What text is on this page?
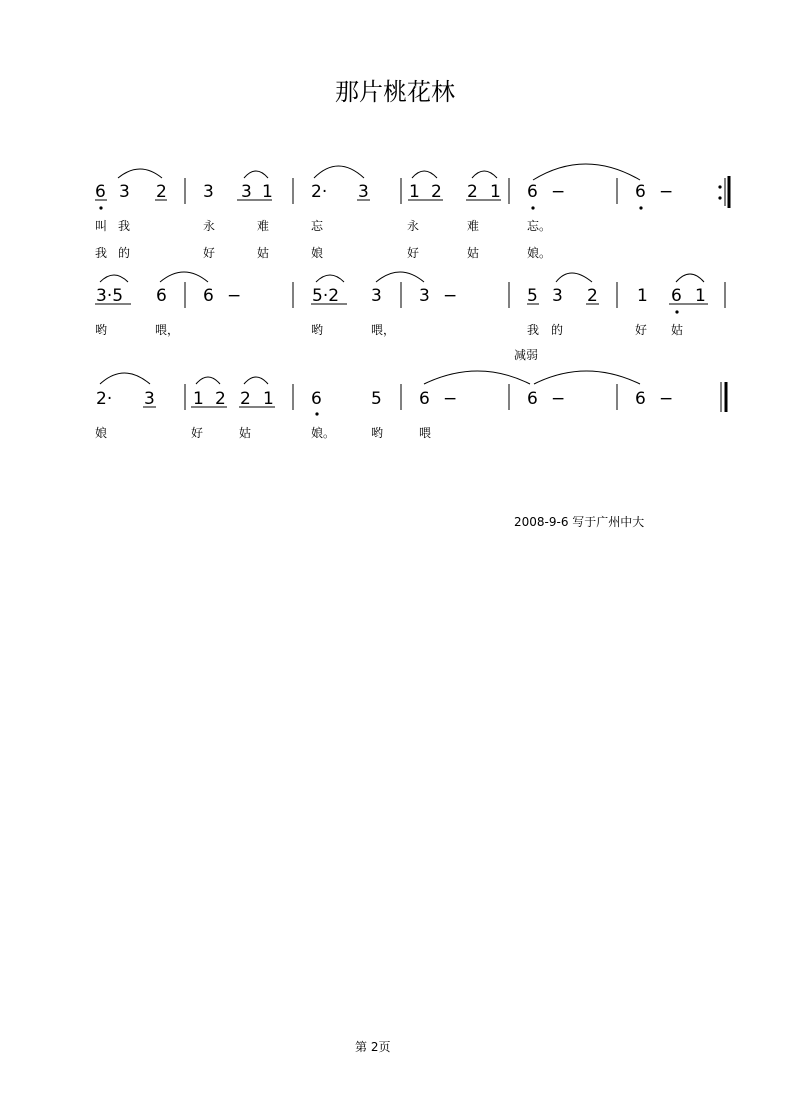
那片桃花林
6 3 2 3 3 1 2· 3 1 2 2 1 6 −	6 −
叫 我	永	难	忘	永	难	忘。
我 的	好	姑	娘	好	姑	娘。
3·5 6 6 −	5·2 3 3 −	5 3 2 1 6 1
哟	喂，	哟	喂，	我 的	好 姑
减弱
2· 3 1 2 2 1 6	5 6 −	6 −	6 −
娘	好	姑	娘。	哟	喂
2008-9-6 写于广州中大
第 2页
